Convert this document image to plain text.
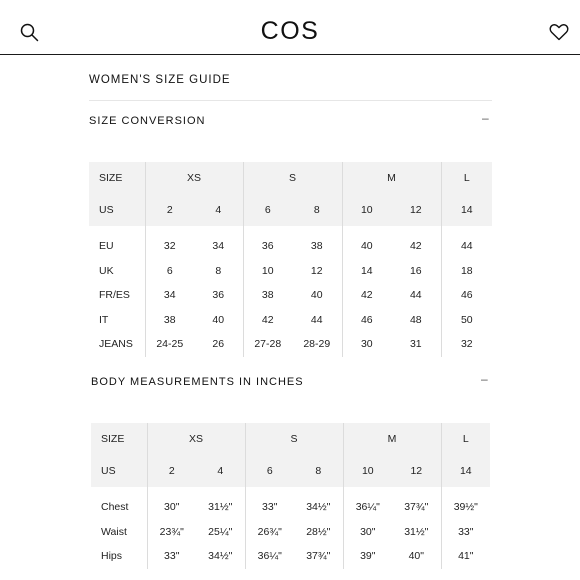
COS
WOMEN'S SIZE GUIDE
SIZE CONVERSION	–
SIZE	XS		S		M		L
US	2	4	6	8	10	12	14
EU	32	34	36	38	40	42	44
UK	6	8	10	12	14	16	18
FR/ES	34	36	38	40	42	44	46
IT	38	40	42	44	46	48	50
JEANS	24-25	26	27-28	28-29	30	31	32
BODY MEASUREMENTS IN INCHES	–
SIZE	XS		S		M		L
US	2	4	6	8	10	12	14
Chest	30"	31½"	33"	34½"	36¼"	37¾"	39½"
Waist	23¾"	25¼"	26¾"	28½"	30"	31½"	33"
Hips	33"	34½"	36¼"	37¾"	39"	40"	41"
